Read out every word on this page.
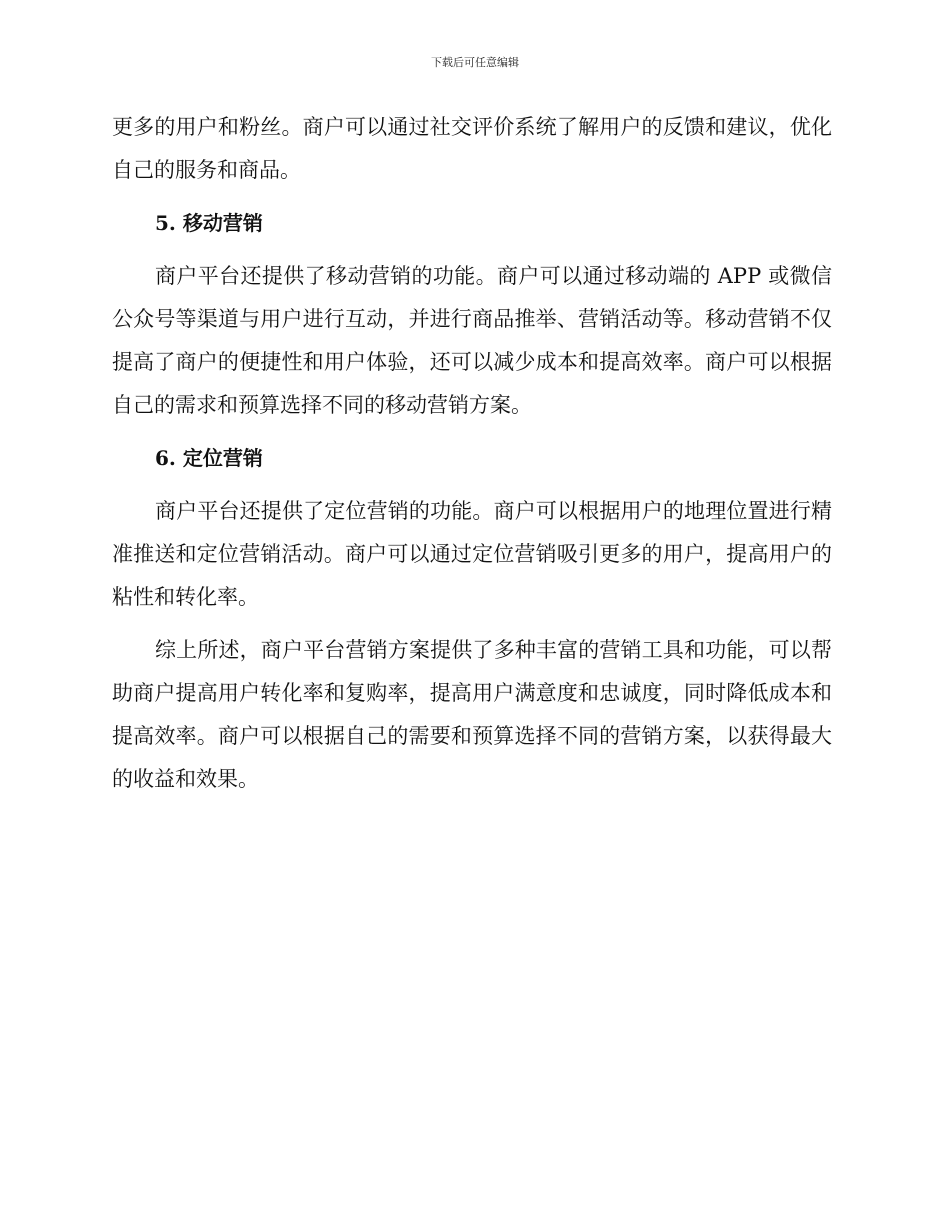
下载后可任意编辑

更多的用户和粉丝。商户可以通过社交评价系统了解用户的反馈和建议，优化自己的服务和商品。

5. 移动营销

商户平台还提供了移动营销的功能。商户可以通过移动端的 APP 或微信公众号等渠道与用户进行互动，并进行商品推举、营销活动等。移动营销不仅提高了商户的便捷性和用户体验，还可以减少成本和提高效率。商户可以根据自己的需求和预算选择不同的移动营销方案。

6. 定位营销

商户平台还提供了定位营销的功能。商户可以根据用户的地理位置进行精准推送和定位营销活动。商户可以通过定位营销吸引更多的用户，提高用户的粘性和转化率。

综上所述，商户平台营销方案提供了多种丰富的营销工具和功能，可以帮助商户提高用户转化率和复购率，提高用户满意度和忠诚度，同时降低成本和提高效率。商户可以根据自己的需要和预算选择不同的营销方案，以获得最大的收益和效果。
